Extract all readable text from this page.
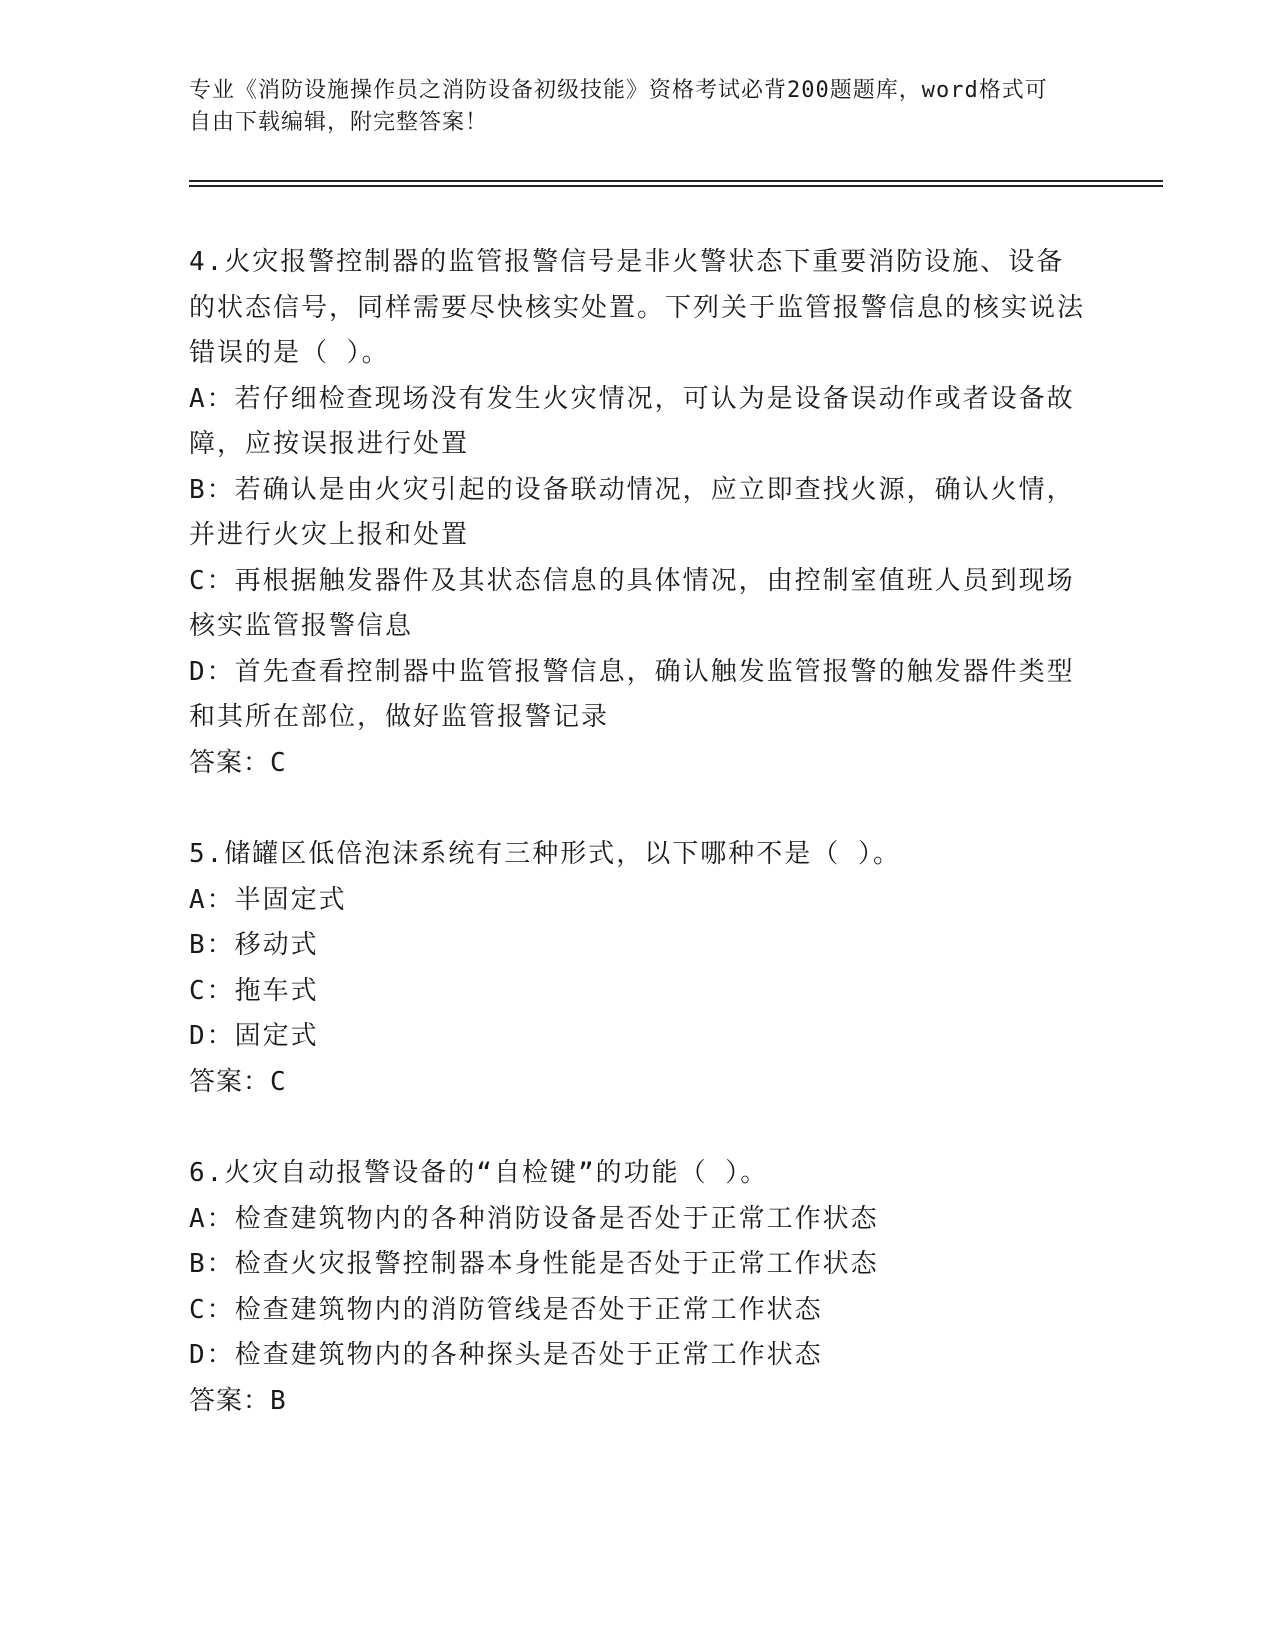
专业《消防设施操作员之消防设备初级技能》资格考试必背200题题库，word格式可自由下载编辑，附完整答案！
4.火灾报警控制器的监管报警信号是非火警状态下重要消防设施、设备的状态信号，同样需要尽快核实处置。下列关于监管报警信息的核实说法错误的是（ ）。
A：若仔细检查现场没有发生火灾情况，可认为是设备误动作或者设备故障，应按误报进行处置
B：若确认是由火灾引起的设备联动情况，应立即查找火源，确认火情，并进行火灾上报和处置
C：再根据触发器件及其状态信息的具体情况，由控制室值班人员到现场核实监管报警信息
D：首先查看控制器中监管报警信息，确认触发监管报警的触发器件类型和其所在部位，做好监管报警记录
答案：C
5.储罐区低倍泡沫系统有三种形式，以下哪种不是（ ）。
A：半固定式
B：移动式
C：拖车式
D：固定式
答案：C
6.火灾自动报警设备的“自检键”的功能（ ）。
A：检查建筑物内的各种消防设备是否处于正常工作状态
B：检查火灾报警控制器本身性能是否处于正常工作状态
C：检查建筑物内的消防管线是否处于正常工作状态
D：检查建筑物内的各种探头是否处于正常工作状态
答案：B
